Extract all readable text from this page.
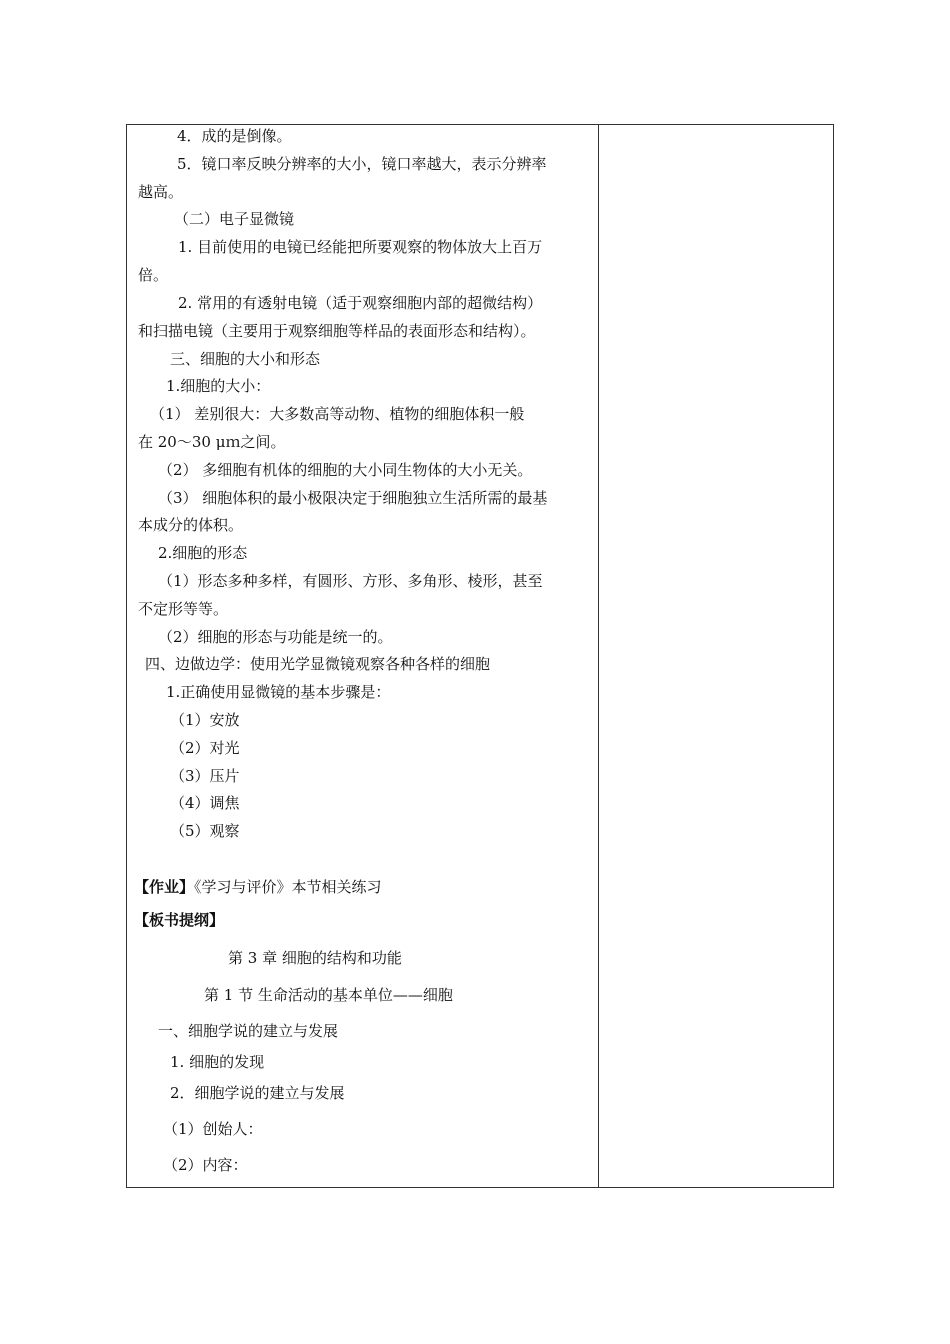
4．成的是倒像。
5．镜口率反映分辨率的大小，镜口率越大，表示分辨率
越高。
（二）电子显微镜
1. 目前使用的电镜已经能把所要观察的物体放大上百万
倍。
2. 常用的有透射电镜（适于观察细胞内部的超微结构）
和扫描电镜（主要用于观察细胞等样品的表面形态和结构）。
三、细胞的大小和形态
1.细胞的大小：
（1） 差别很大：大多数高等动物、植物的细胞体积一般
在 20～30 μｍ之间。
（2） 多细胞有机体的细胞的大小同生物体的大小无关。
（3） 细胞体积的最小极限决定于细胞独立生活所需的最基
本成分的体积。
2.细胞的形态
（1）形态多种多样，有圆形、方形、多角形、棱形，甚至
不定形等等。
（2）细胞的形态与功能是统一的。
四、边做边学：使用光学显微镜观察各种各样的细胞
1.正确使用显微镜的基本步骤是：
（1）安放
（2）对光
（3）压片
（4）调焦
（5）观察
【作业】《学习与评价》本节相关练习
【板书提纲】
第 3 章 细胞的结构和功能
第 1 节 生命活动的基本单位——细胞
一、细胞学说的建立与发展
1. 细胞的发现
2．细胞学说的建立与发展
（1）创始人：
（2）内容：
